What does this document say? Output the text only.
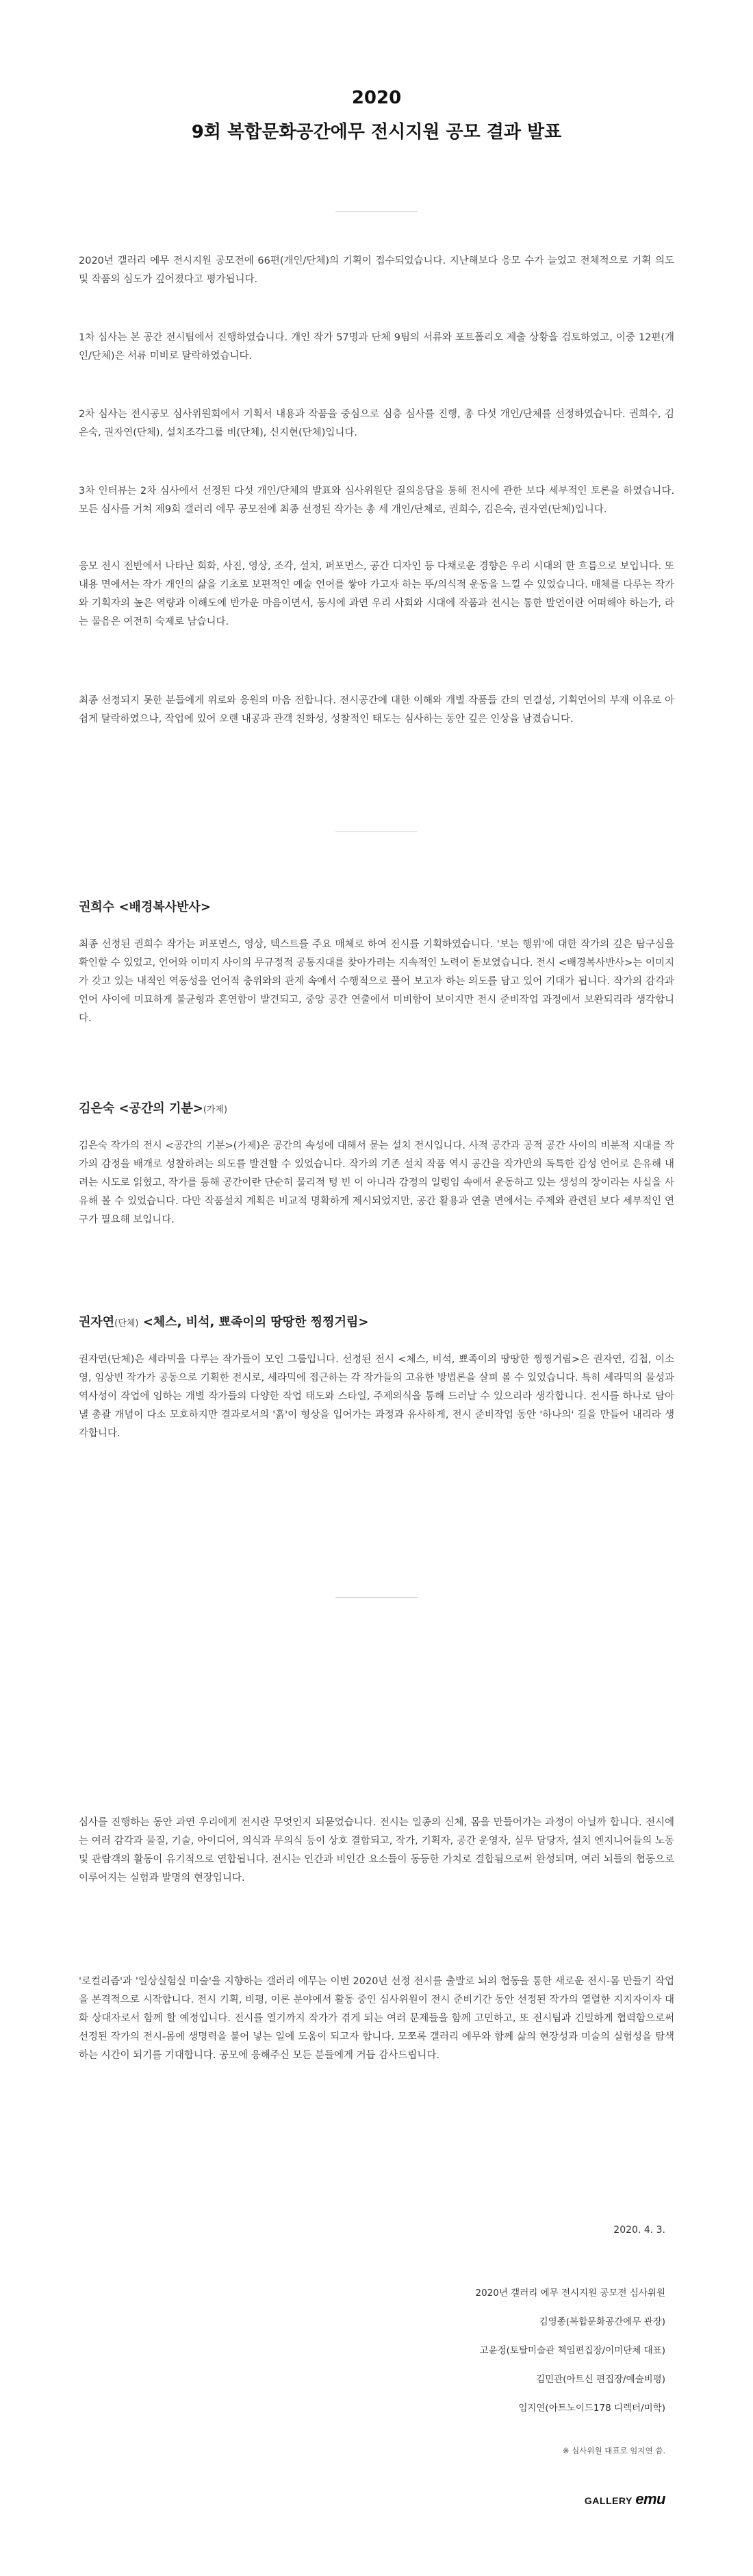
2020
9회 복합문화공간에무 전시지원 공모 결과 발표

2020년 갤러리 에무 전시지원 공모전에 66편(개인/단체)의 기획이 접수되었습니다. 지난해보다 응모 수가 늘었고 전체적으로 기획 의도 및 작품의 심도가 깊어졌다고 평가됩니다.

1차 심사는 본 공간 전시팀에서 진행하였습니다. 개인 작가 57명과 단체 9팀의 서류와 포트폴리오 제출 상황을 검토하였고, 이중 12편(개인/단체)은 서류 미비로 탈락하였습니다.

2차 심사는 전시공모 심사위원회에서 기획서 내용과 작품을 중심으로 심층 심사를 진행, 총 다섯 개인/단체를 선정하였습니다. 권희수, 김은숙, 권자연(단체), 설치조각그룹 비(단체), 신지현(단체)입니다.

3차 인터뷰는 2차 심사에서 선정된 다섯 개인/단체의 발표와 심사위원단 질의응답을 통해 전시에 관한 보다 세부적인 토론을 하였습니다. 모든 심사를 거쳐 제9회 갤러리 에무 공모전에 최종 선정된 작가는 총 세 개인/단체로, 권희수, 김은숙, 권자연(단체)입니다.

응모 전시 전반에서 나타난 회화, 사진, 영상, 조각, 설치, 퍼포먼스, 공간 디자인 등 다채로운 경향은 우리 시대의 한 흐름으로 보입니다. 또 내용 면에서는 작가 개인의 삶을 기초로 보편적인 예술 언어를 쌓아 가고자 하는 뚜/의식적 운동을 느낄 수 있었습니다. 매체를 다루는 작가와 기획자의 높은 역량과 이해도에 반가운 마음이면서, 동시에 과연 우리 사회와 시대에 작품과 전시는 통한 발언이란 어떠해야 하는가, 라는 물음은 여전히 숙제로 남습니다.

최종 선정되지 못한 분들에게 위로와 응원의 마음 전합니다. 전시공간에 대한 이해와 개별 작품들 간의 연결성, 기획언어의 부재 이유로 아쉽게 탈락하였으나, 작업에 있어 오랜 내공과 관객 친화성, 성찰적인 태도는 심사하는 동안 깊은 인상을 남겼습니다.

권희수 <배경복사반사>

최종 선정된 권희수 작가는 퍼포먼스, 영상, 텍스트를 주요 매체로 하여 전시를 기획하였습니다. '보는 행위'에 대한 작가의 깊은 탐구심을 확인할 수 있었고, 언어와 이미지 사이의 무규정적 공통지대를 찾아가려는 지속적인 노력이 돋보였습니다. 전시 <배경복사반사>는 이미지가 갖고 있는 내적인 역동성을 언어적 충위와의 관계 속에서 수행적으로 풀어 보고자 하는 의도를 담고 있어 기대가 됩니다. 작가의 감각과 언어 사이에 미묘하게 불균형과 혼연함이 발견되고, 중앙 공간 연출에서 미비함이 보이지만 전시 준비작업 과정에서 보완되리라 생각합니다.

김은숙 <공간의 기분>(가제)

김은숙 작가의 전시 <공간의 기분>(가제)은 공간의 속성에 대해서 묻는 설치 전시입니다. 사적 공간과 공적 공간 사이의 비분적 지대를 작가의 감정을 배개로 성찰하려는 의도를 발견할 수 있었습니다. 작가의 기존 설치 작품 역시 공간을 작가만의 독특한 감성 언어로 은유해 내려는 시도로 읽혔고, 작가를 통해 공간이란 단순히 물리적 텅 빈 이 아니라 감정의 일렁임 속에서 운동하고 있는 생성의 장이라는 사실을 사유해 볼 수 있었습니다. 다만 작품설치 계획은 비교적 명확하게 제시되었지만, 공간 활용과 연출 면에서는 주제와 관련된 보다 세부적인 연구가 필요해 보입니다.

권자연(단체) <체스, 비석, 뾰족이의 땅땅한 찡찡거림>

권자연(단체)은 세라믹을 다루는 작가들이 모인 그룹입니다. 선정된 전시 <체스, 비석, 뾰족이의 땅땅한 찡찡거림>은 권자연, 김첩, 이소영, 임상빈 작가가 공동으로 기획한 전시로, 세라믹에 접근하는 각 작가들의 고유한 방법론을 살펴 볼 수 있었습니다. 특히 세라믹의 물성과 역사성이 작업에 임하는 개별 작가들의 다양한 작업 태도와 스타일, 주제의식을 통해 드러날 수 있으리라 생각합니다. 전시를 하나로 담아낼 총괄 개념이 다소 모호하지만 결과로서의 '흙'이 형상을 입어가는 과정과 유사하게, 전시 준비작업 동안 '하나의' 길을 만들어 내리라 생각합니다.

심사를 진행하는 동안 과연 우리에게 전시란 무엇인지 되묻었습니다. 전시는 일종의 신체, 몸을 만들어가는 과정이 아닐까 합니다. 전시에는 여러 감각과 물질, 기술, 아이디어, 의식과 무의식 등이 상호 결합되고, 작가, 기획자, 공간 운영자, 실무 담당자, 설치 엔지니어들의 노동 및 관람객의 활동이 유기적으로 연합됩니다. 전시는 인간과 비인간 요소들이 동등한 가치로 결합됨으로써 완성되며, 여러 뇌들의 협동으로 이루어지는 실험과 발명의 현장입니다.

'로컬리즘'과 '일상실험실 미술'을 지향하는 갤러리 에무는 이번 2020년 선정 전시를 출발로 뇌의 협동을 통한 새로운 전시-몸 만들기 작업을 본격적으로 시작합니다. 전시 기획, 비평, 이론 분야에서 활동 중인 심사위원이 전시 준비기간 동안 선정된 작가의 열렬한 지지자이자 대화 상대자로서 함께 할 예정입니다. 전시를 열기까지 작가가 겪게 되는 여러 문제들을 함께 고민하고, 또 전시팀과 긴밀하게 협력함으로써 선정된 작가의 전시-몸에 생명력을 불어 넣는 일에 도움이 되고자 합니다. 모쪼록 갤러리 에무와 함께 삶의 현장성과 미술의 실험성을 탐색하는 시간이 되기를 기대합니다. 공모에 응해주신 모든 분들에게 거듭 감사드립니다.

2020. 4. 3.
2020년 갤러리 에무 전시지원 공모전 심사위원
김영종(복합문화공간에무 관장)
고윤정(토탈미술관 책임편집장/이미단체 대표)
김민관(아트신 편집장/예술비평)
임지연(아트노이드178 디렉터/미학)
※ 심사위원 대표로 임지연 씀.
GALLERY emu
